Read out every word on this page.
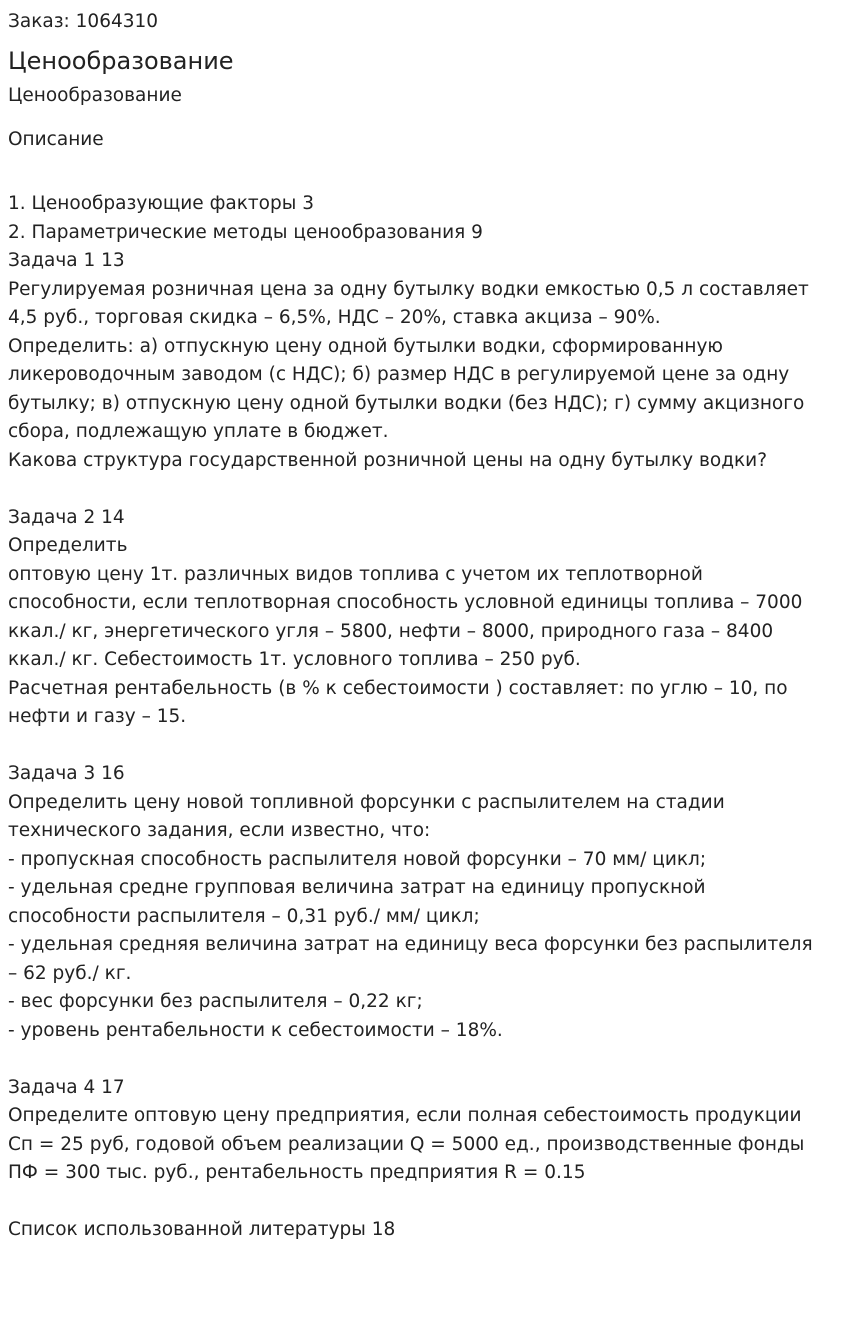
Заказ: 1064310

Ценообразование

Ценообразование

Описание

1. Ценообразующие факторы 3
2. Параметрические методы ценообразования 9
Задача 1 13
Регулируемая розничная цена за одну бутылку водки емкостью 0,5 л составляет
4,5 руб., торговая скидка – 6,5%, НДС – 20%, ставка акциза – 90%.
Определить: а) отпускную цену одной бутылки водки, сформированную
ликероводочным заводом (с НДС); б) размер НДС в регулируемой цене за одну
бутылку; в) отпускную цену одной бутылки водки (без НДС); г) сумму акцизного
сбора, подлежащую уплате в бюджет.
Какова структура государственной розничной цены на одну бутылку водки?
Задача 2 14
Определить
оптовую цену 1т. различных видов топлива с учетом их теплотворной
способности, если теплотворная способность условной единицы топлива – 7000
ккал./ кг, энергетического угля – 5800, нефти – 8000, природного газа – 8400
ккал./ кг. Себестоимость 1т. условного топлива – 250 руб.
Расчетная рентабельность (в % к себестоимости ) составляет: по углю – 10, по
нефти и газу – 15.
Задача 3 16
Определить цену новой топливной форсунки с распылителем на стадии
технического задания, если известно, что:
- пропускная способность распылителя новой форсунки – 70 мм/ цикл;
- удельная средне групповая величина затрат на единицу пропускной
способности распылителя – 0,31 руб./ мм/ цикл;
- удельная средняя величина затрат на единицу веса форсунки без распылителя
– 62 руб./ кг.
- вес форсунки без распылителя – 0,22 кг;
- уровень рентабельности к себестоимости – 18%.
Задача 4 17
Определите оптовую цену предприятия, если полная себестоимость продукции
Сп = 25 руб, годовой объем реализации Q = 5000 ед., производственные фонды
ПФ = 300 тыс. руб., рентабельность предприятия R = 0.15
Список использованной литературы 18
